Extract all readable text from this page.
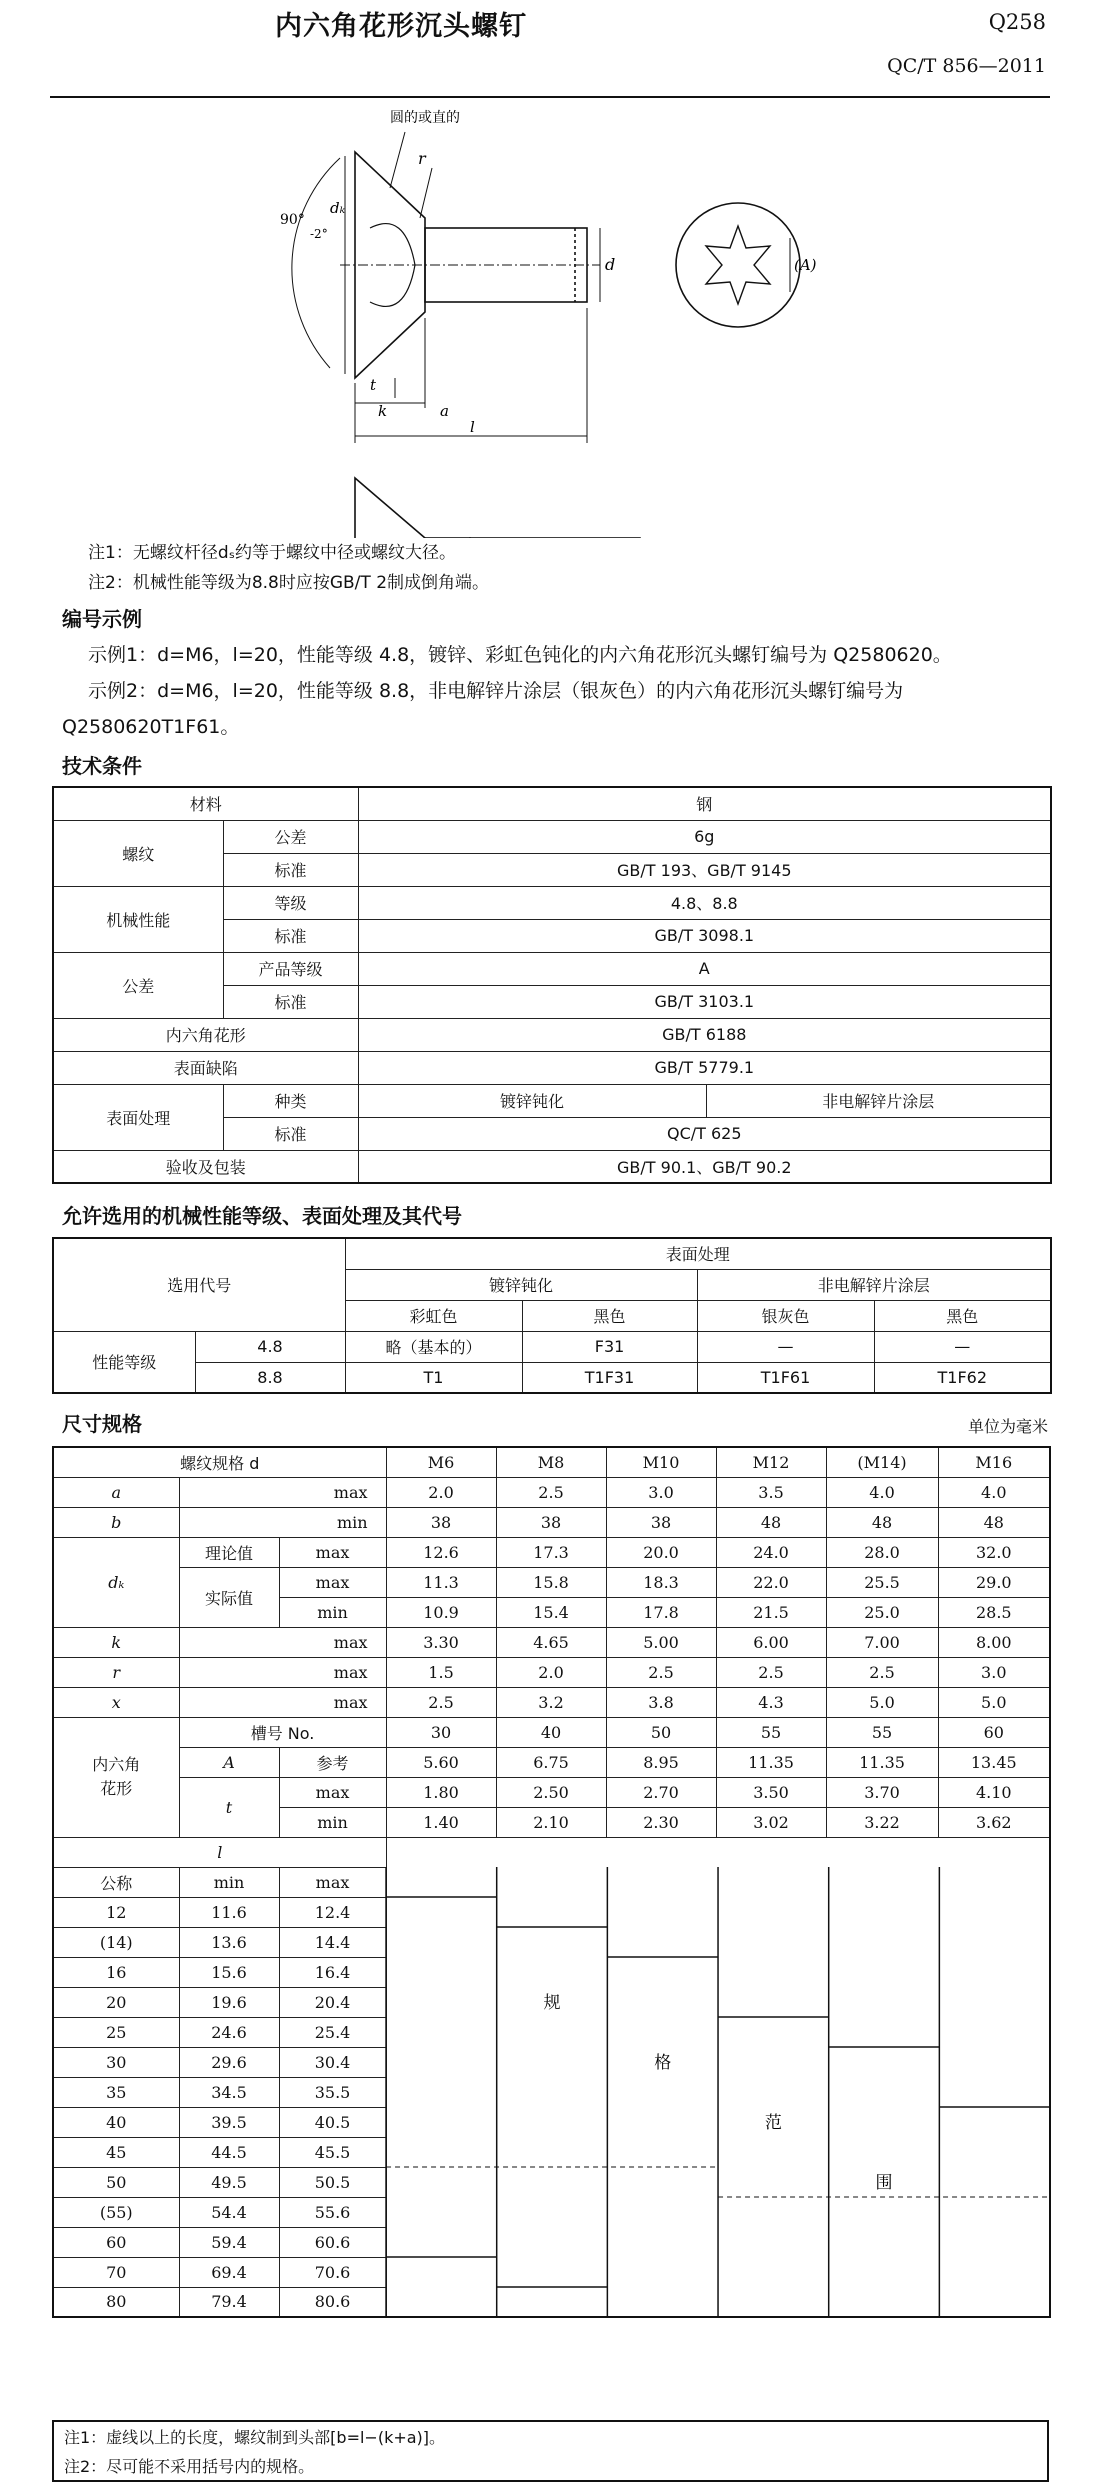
内六角花形沉头螺钉	Q258
QC/T 856—2011
圆的或直的
r
90°
-2°
dₖ
d
t
k	a
l
(A)
注1：无螺纹杆径dₛ约等于螺纹中径或螺纹大径。
注2：机械性能等级为8.8时应按GB/T 2制成倒角端。
编号示例
示例1：d=M6，l=20，性能等级 4.8，镀锌、彩虹色钝化的内六角花形沉头螺钉编号为 Q2580620。
示例2：d=M6，l=20，性能等级 8.8，非电解锌片涂层（银灰色）的内六角花形沉头螺钉编号为
Q2580620T1F61。
技术条件
材料		钢	
螺纹	公差	6g	
	标准	GB/T 193、GB/T 9145	
机械性能	等级	4.8、8.8	
	标准	GB/T 3098.1	
公差	产品等级	A	
	标准	GB/T 3103.1	
内六角花形		GB/T 6188	
表面缺陷		GB/T 5779.1	
表面处理	种类	镀锌钝化	非电解锌片涂层
	标准	QC/T 625	
验收及包装		GB/T 90.1、GB/T 90.2	
允许选用的机械性能等级、表面处理及其代号
选用代号		表面处理			
		镀锌钝化		非电解锌片涂层	
		彩虹色	黑色	银灰色	黑色
性能等级	4.8	略（基本的）	F31	—	—
	8.8	T1	T1F31	T1F61	T1F62
尺寸规格	单位为毫米
螺纹规格 d			M6	M8	M10	M12	(M14)	M16
a	max		2.0	2.5	3.0	3.5	4.0	4.0
b	min		38	38	38	48	48	48
dₖ	理论值	max	12.6	17.3	20.0	24.0	28.0	32.0
	实际值	max	11.3	15.8	18.3	22.0	25.5	29.0
		min	10.9	15.4	17.8	21.5	25.0	28.5
k	max		3.30	4.65	5.00	6.00	7.00	8.00
r	max		1.5	2.0	2.5	2.5	2.5	3.0
x	max		2.5	3.2	3.8	4.3	5.0	5.0

内六角
花形	槽号 No.		30	40	50	55	55	60
	A	参考	5.60	6.75	8.95	11.35	11.35	13.45
	t	max	1.80	2.50	2.70	3.50	3.70	4.10
		min	1.40	2.10	2.30	3.02	3.22	3.62
l								
公称	min	max						
12	11.6	12.4						
(14)	13.6	14.4						
16	15.6	16.4						
20	19.6	20.4						
25	24.6	25.4						
30	29.6	30.4						
35	34.5	35.5						
40	39.5	40.5						
45	44.5	45.5						
50	49.5	50.5						
(55)	54.4	55.6						
60	59.4	60.6						
70	69.4	70.6						
80	79.4	80.6						
规
格
范
围
注1：虚线以上的长度，螺纹制到头部[b=l−(k+a)]。
注2：尽可能不采用括号内的规格。
